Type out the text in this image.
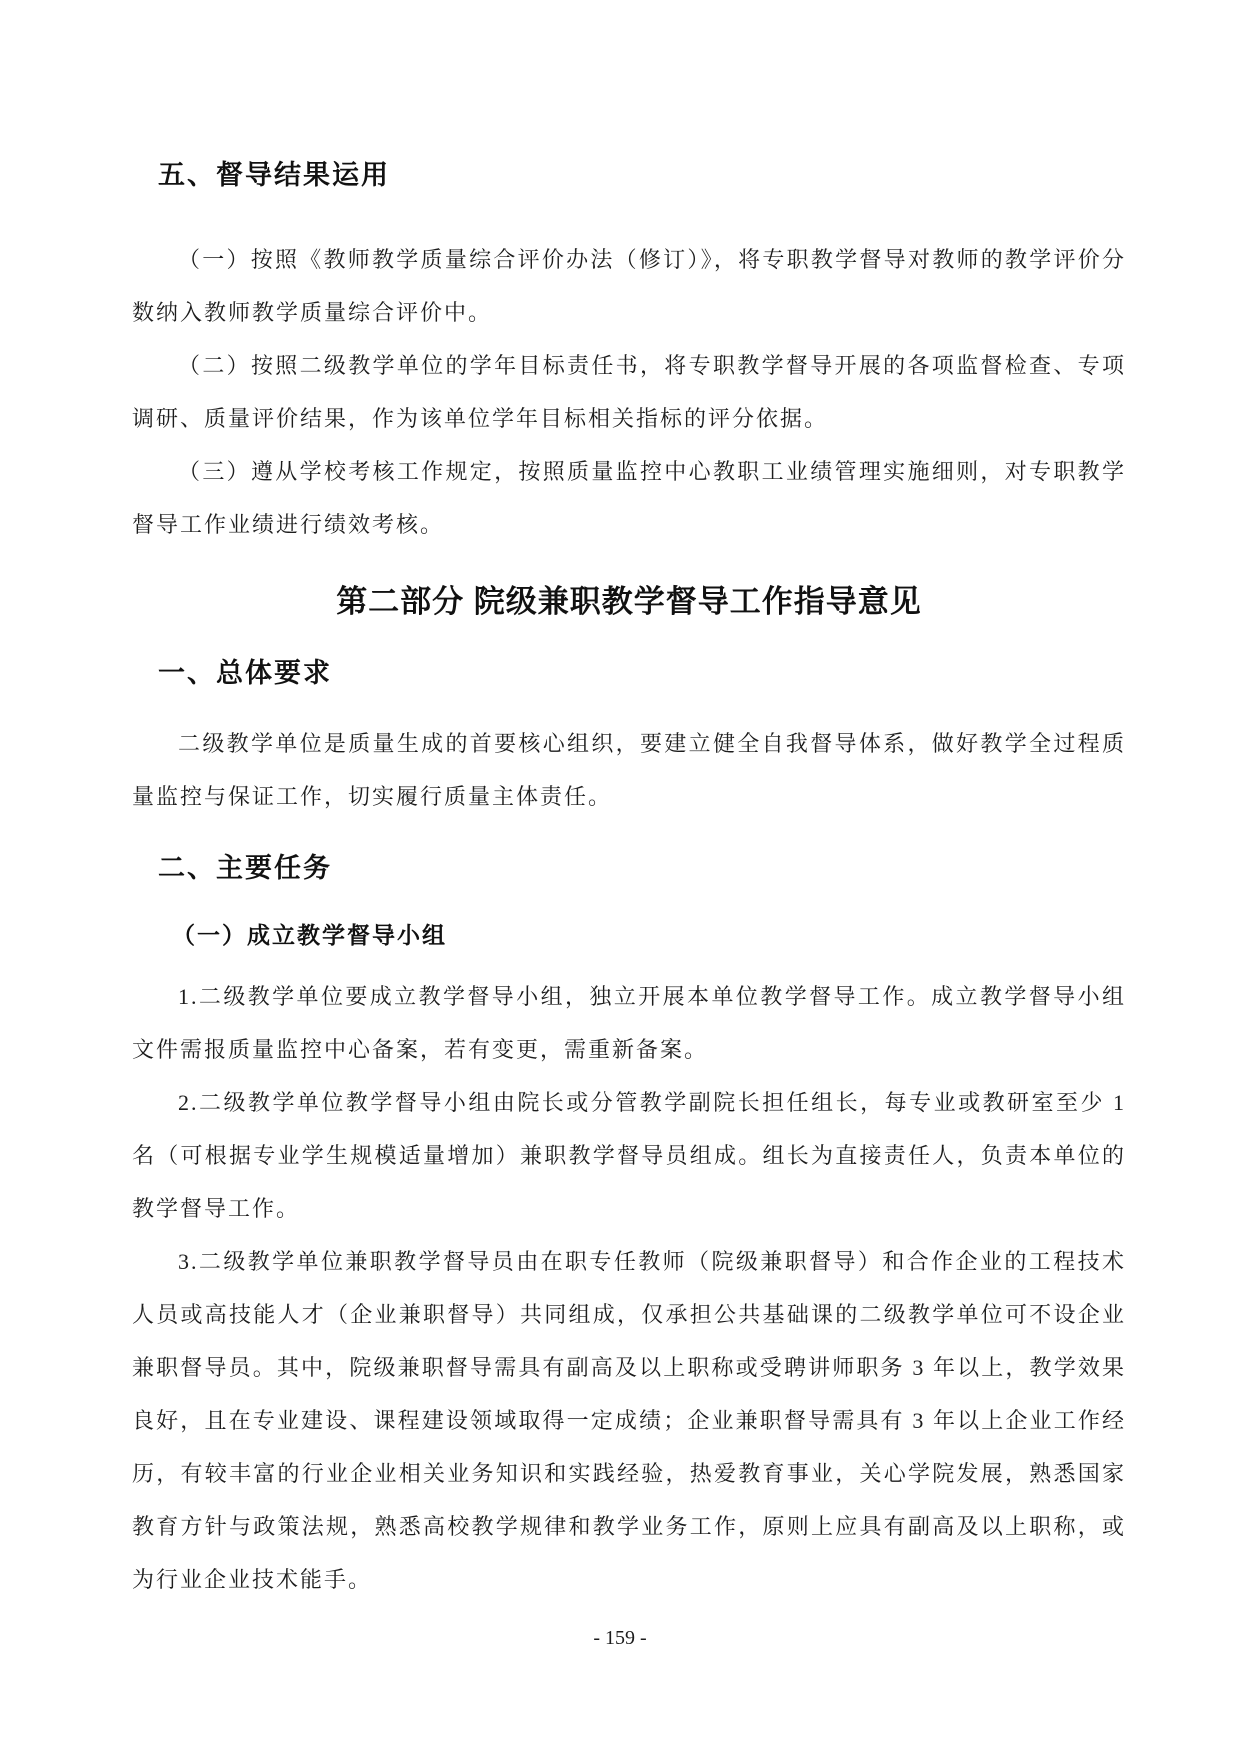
五、督导结果运用

（一）按照《教师教学质量综合评价办法（修订）》，将专职教学督导对教师的教学评价分数纳入教师教学质量综合评价中。

（二）按照二级教学单位的学年目标责任书，将专职教学督导开展的各项监督检查、专项调研、质量评价结果，作为该单位学年目标相关指标的评分依据。

（三）遵从学校考核工作规定，按照质量监控中心教职工业绩管理实施细则，对专职教学督导工作业绩进行绩效考核。

第二部分 院级兼职教学督导工作指导意见
一、总体要求

二级教学单位是质量生成的首要核心组织，要建立健全自我督导体系，做好教学全过程质量监控与保证工作，切实履行质量主体责任。

二、主要任务
（一）成立教学督导小组

1.二级教学单位要成立教学督导小组，独立开展本单位教学督导工作。成立教学督导小组文件需报质量监控中心备案，若有变更，需重新备案。

2.二级教学单位教学督导小组由院长或分管教学副院长担任组长，每专业或教研室至少 1 名（可根据专业学生规模适量增加）兼职教学督导员组成。组长为直接责任人，负责本单位的教学督导工作。

3.二级教学单位兼职教学督导员由在职专任教师（院级兼职督导）和合作企业的工程技术人员或高技能人才（企业兼职督导）共同组成，仅承担公共基础课的二级教学单位可不设企业兼职督导员。其中，院级兼职督导需具有副高及以上职称或受聘讲师职务 3 年以上，教学效果良好，且在专业建设、课程建设领域取得一定成绩；企业兼职督导需具有 3 年以上企业工作经历，有较丰富的行业企业相关业务知识和实践经验，热爱教育事业，关心学院发展，熟悉国家教育方针与政策法规，熟悉高校教学规律和教学业务工作，原则上应具有副高及以上职称，或为行业企业技术能手。

- 159 -
